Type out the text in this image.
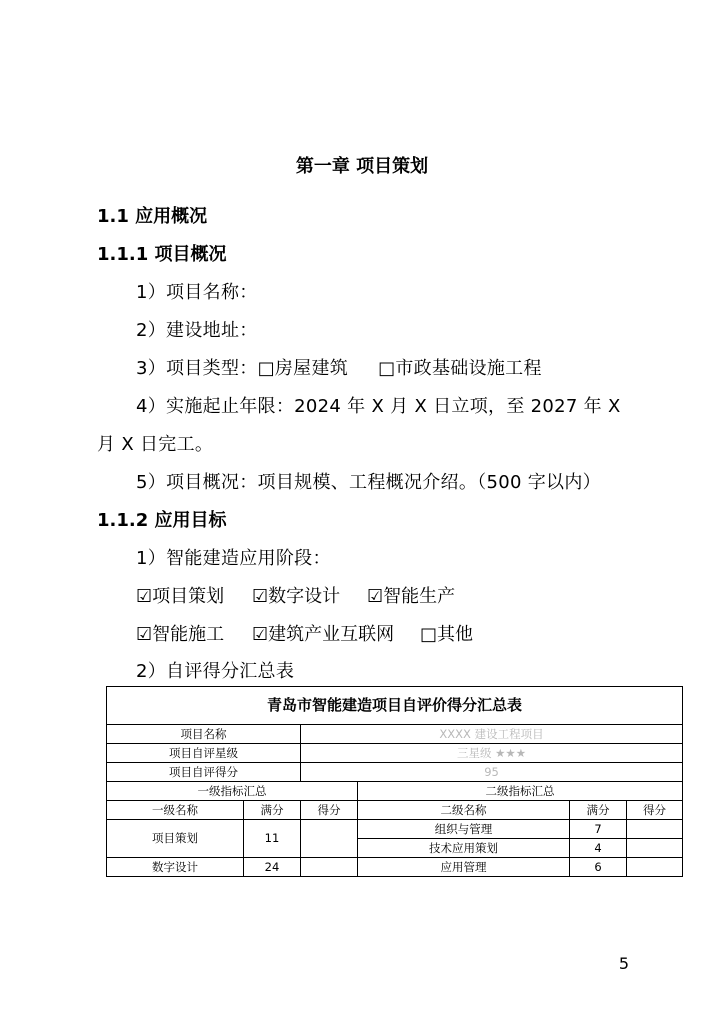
第一章 项目策划
1.1 应用概况
1.1.1 项目概况
1）项目名称：
2）建设地址：
3）项目类型：□房屋建筑 □市政基础设施工程
4）实施起止年限：2024 年 X 月 X 日立项，至 2027 年 X
月 X 日完工。
5）项目概况：项目规模、工程概况介绍。（500 字以内）
1.1.2 应用目标
1）智能建造应用阶段：
☑项目策划 ☑数字设计 ☑智能生产
☑智能施工 ☑建筑产业互联网 □其他
2）自评得分汇总表
青岛市智能建造项目自评价得分汇总表					
项目名称		XXXX 建设工程项目			
项目自评星级		三星级 ★★★			
项目自评得分		95			
一级指标汇总			二级指标汇总		
一级名称	满分	得分	二级名称	满分	得分
项目策划	11		组织与管理	7	
			技术应用策划	4	
数字设计	24		应用管理	6	
5
